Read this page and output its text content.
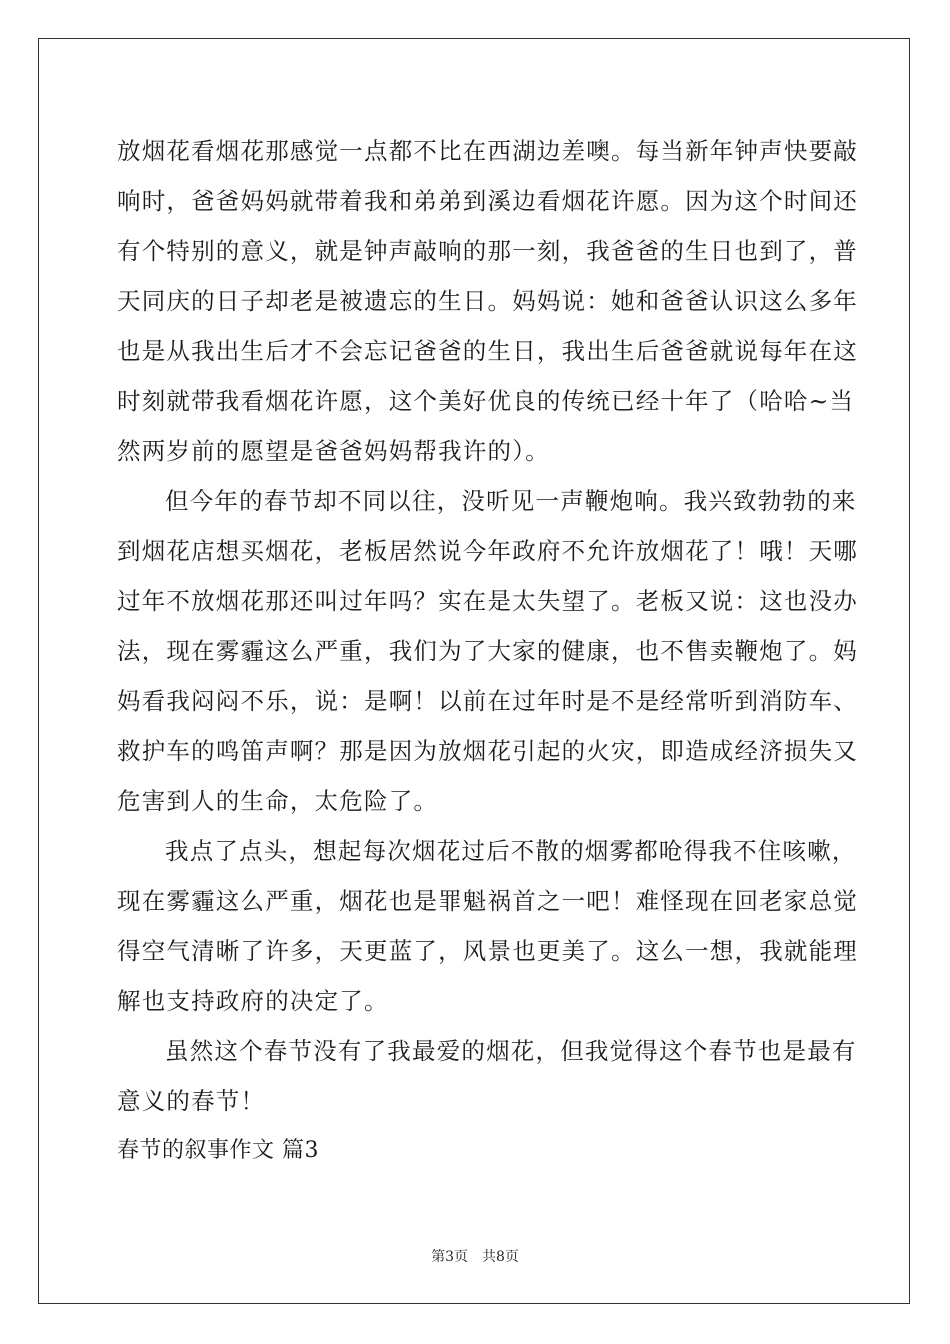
放烟花看烟花那感觉一点都不比在西湖边差噢。每当新年钟声快要敲
响时，爸爸妈妈就带着我和弟弟到溪边看烟花许愿。因为这个时间还
有个特别的意义，就是钟声敲响的那一刻，我爸爸的生日也到了，普
天同庆的日子却老是被遗忘的生日。妈妈说：她和爸爸认识这么多年
也是从我出生后才不会忘记爸爸的生日，我出生后爸爸就说每年在这
时刻就带我看烟花许愿，这个美好优良的传统已经十年了（哈哈~当
然两岁前的愿望是爸爸妈妈帮我许的）。
但今年的春节却不同以往，没听见一声鞭炮响。我兴致勃勃的来
到烟花店想买烟花，老板居然说今年政府不允许放烟花了！哦！天哪
过年不放烟花那还叫过年吗？实在是太失望了。老板又说：这也没办
法，现在雾霾这么严重，我们为了大家的健康，也不售卖鞭炮了。妈
妈看我闷闷不乐，说：是啊！以前在过年时是不是经常听到消防车、
救护车的鸣笛声啊？那是因为放烟花引起的火灾，即造成经济损失又
危害到人的生命，太危险了。
我点了点头，想起每次烟花过后不散的烟雾都呛得我不住咳嗽，
现在雾霾这么严重，烟花也是罪魁祸首之一吧！难怪现在回老家总觉
得空气清晰了许多，天更蓝了，风景也更美了。这么一想，我就能理
解也支持政府的决定了。
虽然这个春节没有了我最爱的烟花，但我觉得这个春节也是最有
意义的春节！
春节的叙事作文 篇3
第3页 共8页
